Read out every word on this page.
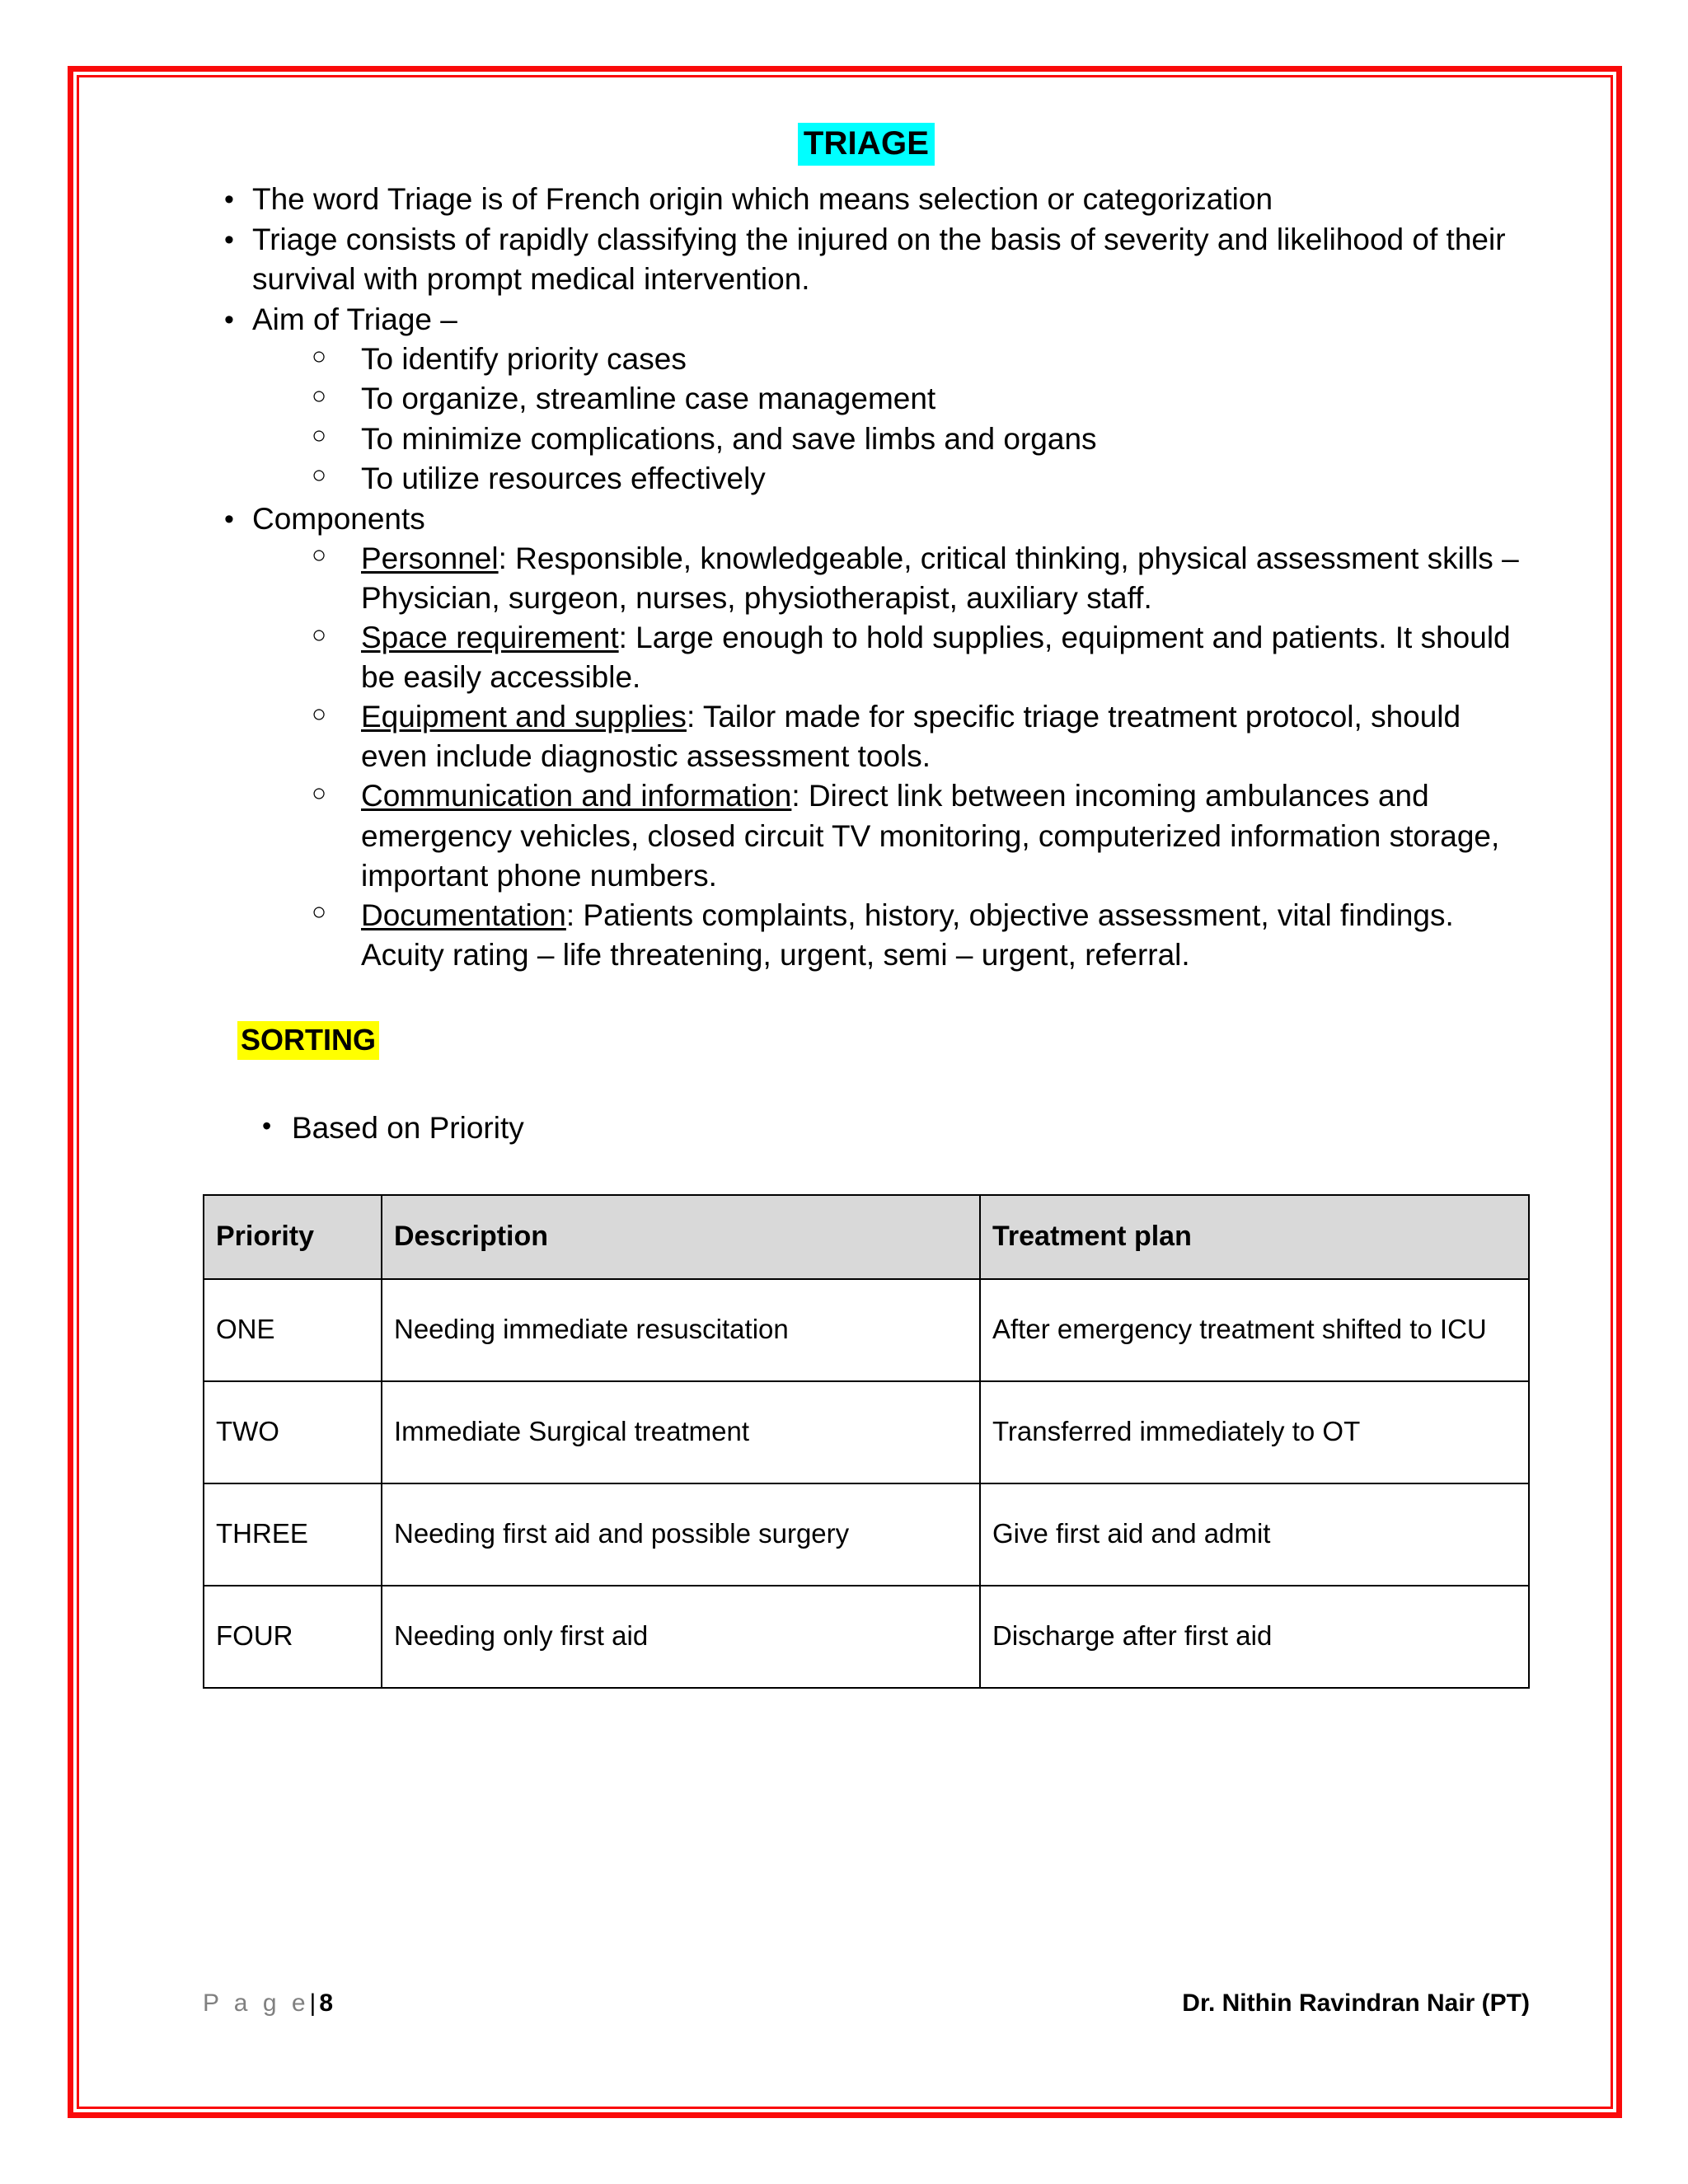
TRIAGE
• The word Triage is of French origin which means selection or categorization
• Triage consists of rapidly classifying the injured on the basis of severity and likelihood of their survival with prompt medical intervention.
• Aim of Triage –
○ To identify priority cases
○ To organize, streamline case management
○ To minimize complications, and save limbs and organs
○ To utilize resources effectively
• Components
○ Personnel: Responsible, knowledgeable, critical thinking, physical assessment skills – Physician, surgeon, nurses, physiotherapist, auxiliary staff.
○ Space requirement: Large enough to hold supplies, equipment and patients. It should be easily accessible.
○ Equipment and supplies: Tailor made for specific triage treatment protocol, should even include diagnostic assessment tools.
○ Communication and information: Direct link between incoming ambulances and emergency vehicles, closed circuit TV monitoring, computerized information storage, important phone numbers.
○ Documentation: Patients complaints, history, objective assessment, vital findings. Acuity rating – life threatening, urgent, semi – urgent, referral.
SORTING
• Based on Priority
Priority	Description	Treatment plan
ONE	Needing immediate resuscitation	After emergency treatment shifted to ICU
TWO	Immediate Surgical treatment	Transferred immediately to OT
THREE	Needing first aid and possible surgery	Give first aid and admit
FOUR	Needing only first aid	Discharge after first aid
P a g e| 8	Dr. Nithin Ravindran Nair (PT)
